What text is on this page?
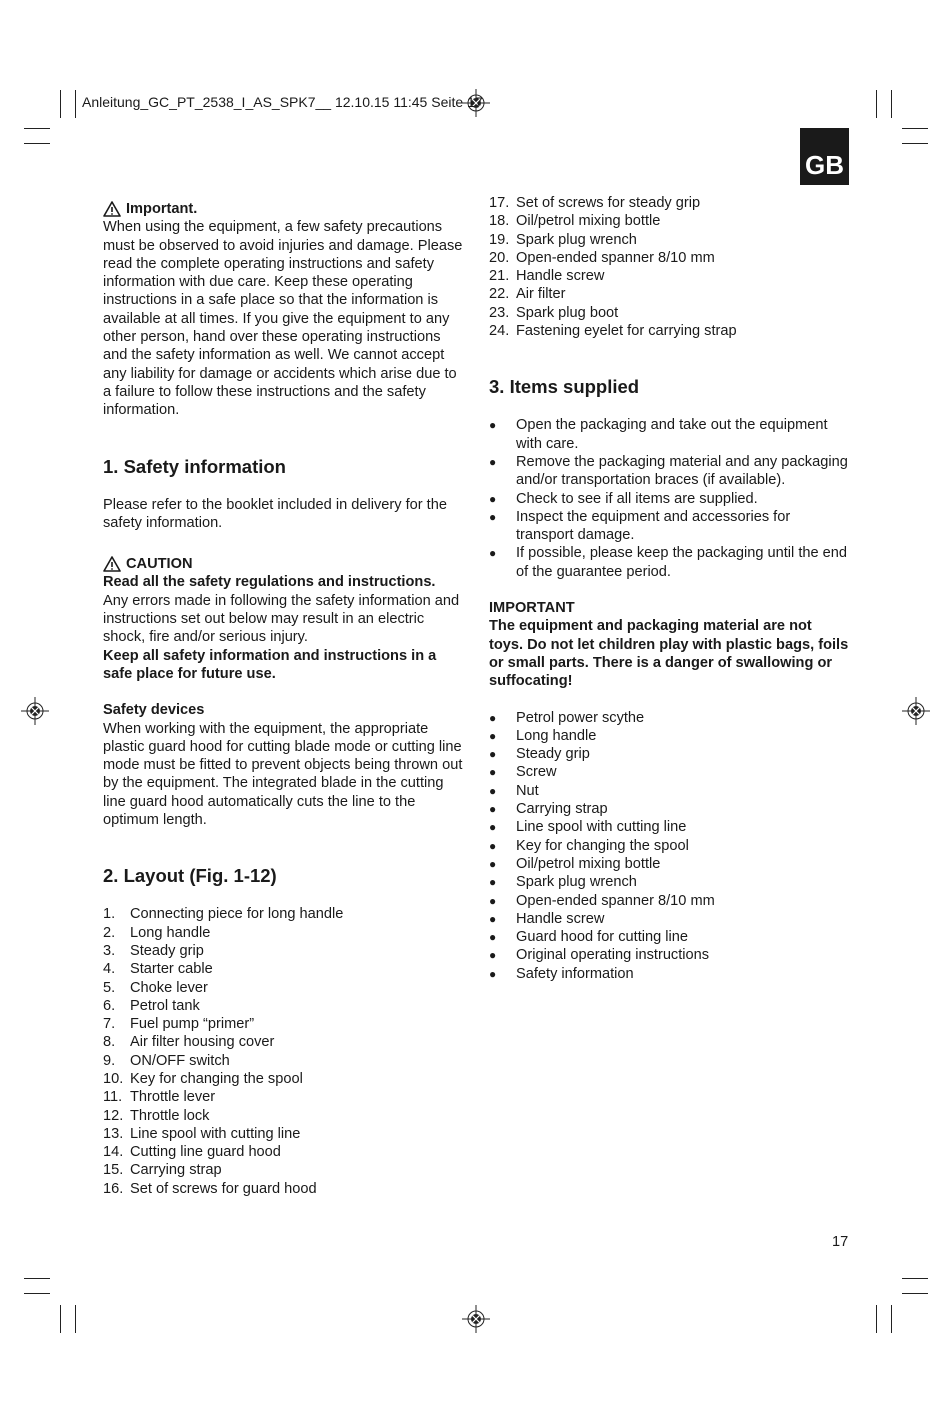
Anleitung_GC_PT_2538_I_AS_SPK7__ 12.10.15 11:45 Seite 17
GB
Important.

When using the equipment, a few safety precautions must be observed to avoid injuries and damage. Please read the complete operating instructions and safety information with due care. Keep these operating instructions in a safe place so that the information is available at all times. If you give the equipment to any other person, hand over these operating instructions and the safety information as well. We cannot accept any liability for damage or accidents which arise due to a failure to follow these instructions and the safety information.

1. Safety information

Please refer to the booklet included in delivery for the safety information.

CAUTION

Read all the safety regulations and instructions.

Any errors made in following the safety information and instructions set out below may result in an electric shock, fire and/or serious injury.

Keep all safety information and instructions in a safe place for future use.

Safety devices

When working with the equipment, the appropriate plastic guard hood for cutting blade mode or cutting line mode must be fitted to prevent objects being thrown out by the equipment. The integrated blade in the cutting line guard hood automatically cuts the line to the optimum length.

2. Layout (Fig. 1-12)
1.	Connecting piece for long handle
2.	Long handle
3.	Steady grip
4.	Starter cable
5.	Choke lever
6.	Petrol tank
7.	Fuel pump “primer”
8.	Air filter housing cover
9.	ON/OFF switch
10. Key for changing the spool
11. Throttle lever
12. Throttle lock
13. Line spool with cutting line
14. Cutting line guard hood
15. Carrying strap
16. Set of screws for guard hood
17. Set of screws for steady grip
18. Oil/petrol mixing bottle
19. Spark plug wrench
20. Open-ended spanner 8/10 mm
21. Handle screw
22. Air filter
23. Spark plug boot
24. Fastening eyelet for carrying strap
3. Items supplied
●	Open the packaging and take out the equipment with care.
●	Remove the packaging material and any packaging and/or transportation braces (if available).
●	Check to see if all items are supplied.
●	Inspect the equipment and accessories for transport damage.
●	If possible, please keep the packaging until the end of the guarantee period.

IMPORTANT

The equipment and packaging material are not toys. Do not let children play with plastic bags, foils or small parts. There is a danger of swallowing or suffocating!

●	Petrol power scythe
●	Long handle
●	Steady grip
●	Screw
●	Nut
●	Carrying strap
●	Line spool with cutting line
●	Key for changing the spool
●	Oil/petrol mixing bottle
●	Spark plug wrench
●	Open-ended spanner 8/10 mm
●	Handle screw
●	Guard hood for cutting line
●	Original operating instructions
●	Safety information
17
